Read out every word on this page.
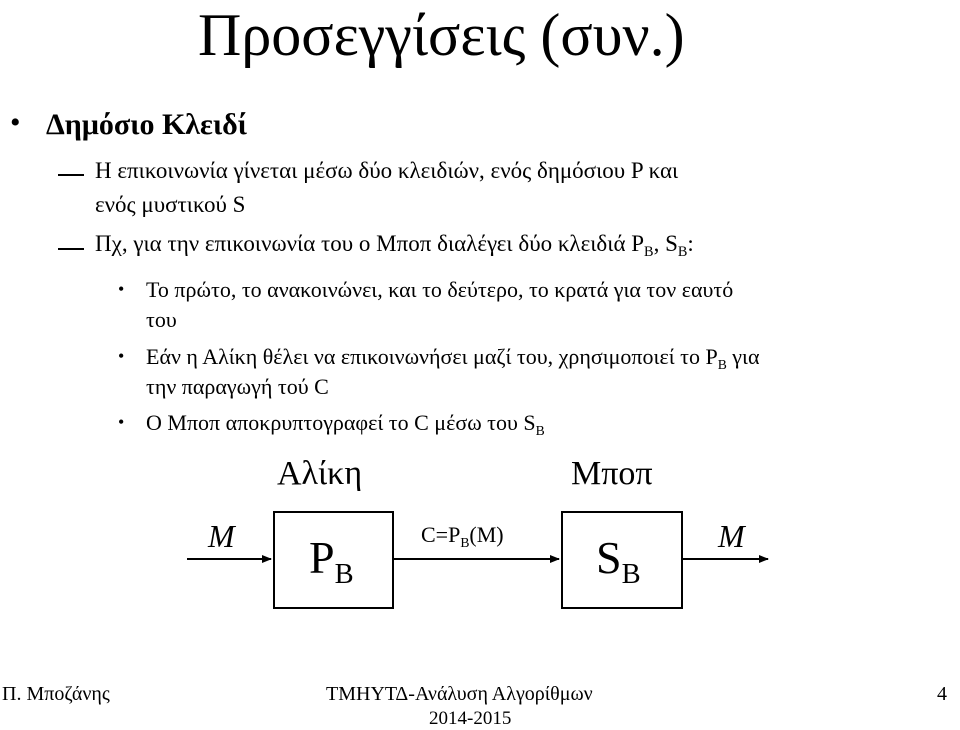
Προσεγγίσεις (συν.)
• Δημόσιο Κλειδί
Η επικοινωνία γίνεται μέσω δύο κλειδιών, ενός δημόσιου P και
ενός μυστικού S
Πχ, για την επικοινωνία του ο Μποπ διαλέγει δύο κλειδιά $P_B$, $S_B$:
• Το πρώτο, το ανακοινώνει, και το δεύτερο, το κρατά για τον εαυτό
του
• Εάν η Αλίκη θέλει να επικοινωνήσει μαζί του, χρησιμοποιεί το $P_B$ για
την παραγωγή τού C
• Ο Μποπ αποκρυπτογραφεί το C μέσω του $S_B$
Αλίκη	Μποπ
M	M
$P_B$	$S_B$
$C=P_B(M)$
Π. Μποζάνης	ΤΜΗΥΤΔ-Ανάλυση Αλγορίθμων
2014-2015
4
